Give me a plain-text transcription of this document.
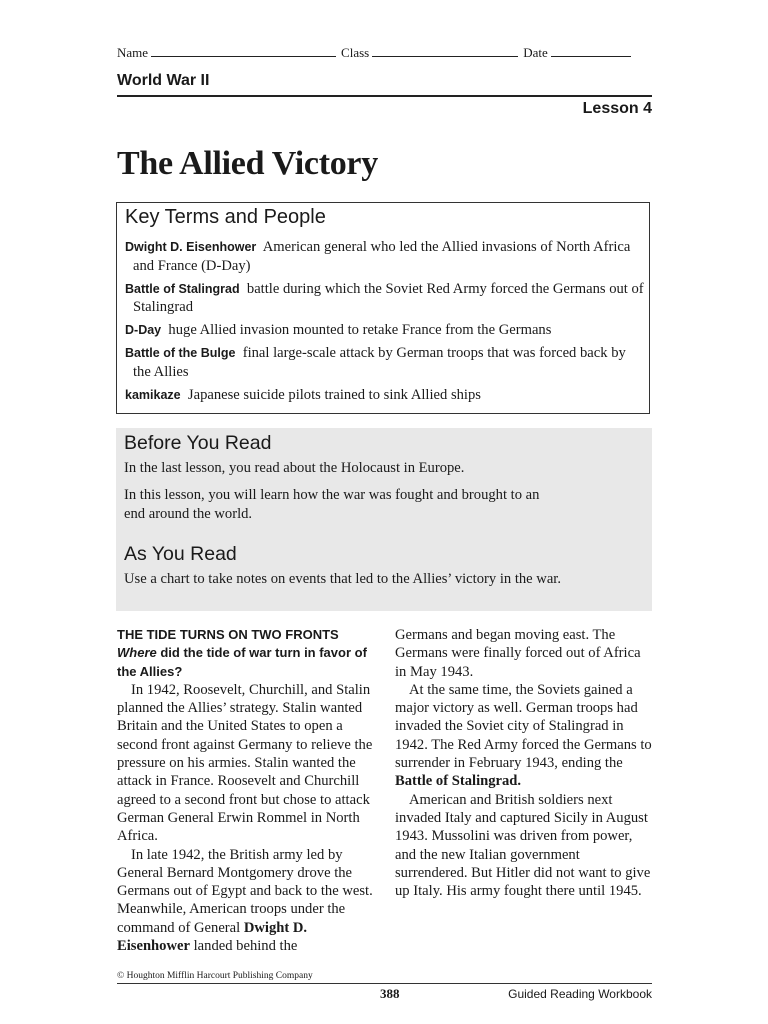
Name	Class	Date
World War II
Lesson 4
The Allied Victory
Key Terms and People
Dwight D. Eisenhower American general who led the Allied invasions of North Africa and France (D-Day)
Battle of Stalingrad battle during which the Soviet Red Army forced the Germans out of Stalingrad
D-Day huge Allied invasion mounted to retake France from the Germans
Battle of the Bulge final large-scale attack by German troops that was forced back by the Allies
kamikaze Japanese suicide pilots trained to sink Allied ships
Before You Read
In the last lesson, you read about the Holocaust in Europe.
In this lesson, you will learn how the war was fought and brought to an end around the world.
As You Read
Use a chart to take notes on events that led to the Allies’ victory in the war.
THE TIDE TURNS ON TWO FRONTS
Where did the tide of war turn in favor of the Allies?

In 1942, Roosevelt, Churchill, and Stalin planned the Allies’ strategy. Stalin wanted Britain and the United States to open a second front against Germany to relieve the pressure on his armies. Stalin wanted the attack in France. Roosevelt and Churchill agreed to a second front but chose to attack German General Erwin Rommel in North Africa.

In late 1942, the British army led by General Bernard Montgomery drove the Germans out of Egypt and back to the west. Meanwhile, American troops under the command of General Dwight D. Eisenhower landed behind the

Germans and began moving east. The Germans were finally forced out of Africa in May 1943.

At the same time, the Soviets gained a major victory as well. German troops had invaded the Soviet city of Stalingrad in 1942. The Red Army forced the Germans to surrender in February 1943, ending the Battle of Stalingrad.

American and British soldiers next invaded Italy and captured Sicily in August 1943. Mussolini was driven from power, and the new Italian government surrendered. But Hitler did not want to give up Italy. His army fought there until 1945.

© Houghton Mifflin Harcourt Publishing Company
388	Guided Reading Workbook
